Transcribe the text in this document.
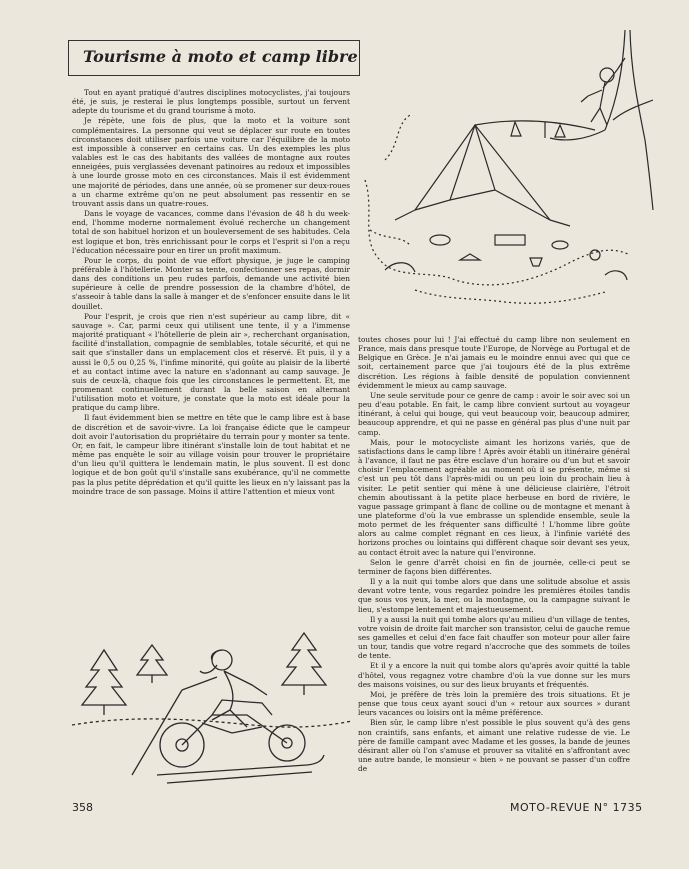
Tourisme à moto et camp libre

Tout en ayant pratiqué d'autres disciplines motocyclistes, j'ai toujours été, je suis, je resterai le plus longtemps possible, surtout un fervent adepte du tourisme et du grand tourisme à moto.

Je répète, une fois de plus, que la moto et la voiture sont complémentaires. La personne qui veut se déplacer sur route en toutes circonstances doit utiliser parfois une voiture car l'équilibre de la moto est impossible à conserver en certains cas. Un des exemples les plus valables est le cas des habitants des vallées de montagne aux routes enneigées, puis verglassées devenant patinoires au redoux et impossibles à une lourde grosse moto en ces circonstances. Mais il est évidemment une majorité de périodes, dans une année, où se promener sur deux-roues a un charme extrême qu'on ne peut absolument pas ressentir en se trouvant assis dans un quatre-roues.

Dans le voyage de vacances, comme dans l'évasion de 48 h du week-end, l'homme moderne normalement évolué recherche un changement total de son habituel horizon et un bouleversement de ses habitudes. Cela est logique et bon, très enrichissant pour le corps et l'esprit si l'on a reçu l'éducation nécessaire pour en tirer un profit maximum.

Pour le corps, du point de vue effort physique, je juge le camping préférable à l'hôtellerie. Monter sa tente, confectionner ses repas, dormir dans des conditions un peu rudes parfois, demande une activité bien supérieure à celle de prendre possession de la chambre d'hôtel, de s'asseoir à table dans la salle à manger et de s'enfoncer ensuite dans le lit douillet.

Pour l'esprit, je crois que rien n'est supérieur au camp libre, dit « sauvage ». Car, parmi ceux qui utilisent une tente, il y a l'immense majorité pratiquant « l'hôtellerie de plein air », recherchant organisation, facilité d'installation, compagnie de semblables, totale sécurité, et qui ne sait que s'installer dans un emplacement clos et réservé. Et puis, il y a aussi le 0,5 ou 0,25 %, l'infime minorité, qui goûte au plaisir de la liberté et au contact intime avec la nature en s'adonnant au camp sauvage. Je suis de ceux-là, chaque fois que les circonstances le permettent. Et, me promenant continuellement durant la belle saison en alternant l'utilisation moto et voiture, je constate que la moto est idéale pour la pratique du camp libre.

Il faut évidemment bien se mettre en tête que le camp libre est à base de discrétion et de savoir-vivre. La loi française édicte que le campeur doit avoir l'autorisation du propriétaire du terrain pour y monter sa tente. Or, en fait, le campeur libre itinérant s'installe loin de tout habitat et ne même pas enquête le soir au village voisin pour trouver le propriétaire d'un lieu qu'il quittera le lendemain matin, le plus souvent. Il est donc logique et de bon goût qu'il s'installe sans exubérance, qu'il ne commette pas la plus petite déprédation et qu'il quitte les lieux en n'y laissant pas la moindre trace de son passage. Moins il attire l'attention et mieux vont

toutes choses pour lui ! J'ai effectué du camp libre non seulement en France, mais dans presque toute l'Europe, de Norvège au Portugal et de Belgique en Grèce. Je n'ai jamais eu le moindre ennui avec qui que ce soit, certainement parce que j'ai toujours été de la plus extrême discrétion. Les régions à faible densité de population conviennent évidemment le mieux au camp sauvage.

Une seule servitude pour ce genre de camp : avoir le soir avec soi un peu d'eau potable. En fait, le camp libre convient surtout au voyageur itinérant, à celui qui bouge, qui veut beaucoup voir, beaucoup admirer, beaucoup apprendre, et qui ne passe en général pas plus d'une nuit par camp.

Mais, pour le motocycliste aimant les horizons variés, que de satisfactions dans le camp libre ! Après avoir établi un itinéraire général à l'avance, il faut ne pas être esclave d'un horaire ou d'un but et savoir choisir l'emplacement agréable au moment où il se présente, même si c'est un peu tôt dans l'après-midi ou un peu loin du prochain lieu à visiter. Le petit sentier qui mène à une délicieuse clairière, l'étroit chemin aboutissant à la petite place herbeuse en bord de rivière, le vague passage grimpant à flanc de colline ou de montagne et menant à une plateforme d'où la vue embrasse un splendide ensemble, seule la moto permet de les fréquenter sans difficulté ! L'homme libre goûte alors au calme complet régnant en ces lieux, à l'infinie variété des horizons proches ou lointains qui diffèrent chaque soir devant ses yeux, au contact étroit avec la nature qui l'environne.

Selon le genre d'arrêt choisi en fin de journée, celle-ci peut se terminer de façons bien différentes.

Il y a la nuit qui tombe alors que dans une solitude absolue et assis devant votre tente, vous regardez poindre les premières étoiles tandis que sous vos yeux, la mer, ou la montagne, ou la campagne suivant le lieu, s'estompe lentement et majestueusement.

Il y a aussi la nuit qui tombe alors qu'au milieu d'un village de tentes, votre voisin de droite fait marcher son transistor, celui de gauche remue ses gamelles et celui d'en face fait chauffer son moteur pour aller faire un tour, tandis que votre regard n'accroche que des sommets de toiles de tente.

Et il y a encore la nuit qui tombe alors qu'après avoir quitté la table d'hôtel, vous regagnez votre chambre d'où la vue donne sur les murs des maisons voisines, ou sur des lieux bruyants et fréquentés.

Moi, je préfère de très loin la première des trois situations. Et je pense que tous ceux ayant souci d'un « retour aux sources » durant leurs vacances ou loisirs ont la même préférence.

Bien sûr, le camp libre n'est possible le plus souvent qu'à des gens non craintifs, sans enfants, et aimant une relative rudesse de vie. Le père de famille campant avec Madame et les gosses, la bande de jeunes désirant aller où l'on s'amuse et prouver sa vitalité en s'affrontant avec une autre bande, le monsieur « bien » ne pouvant se passer d'un coffre de

358	MOTO-REVUE N° 1735
